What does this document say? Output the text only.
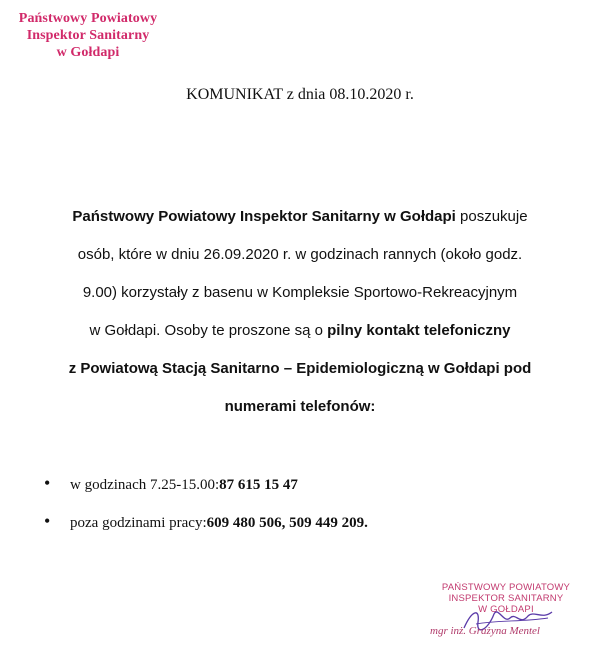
Państwowy Powiatowy
Inspektor Sanitarny
w Gołdapi
KOMUNIKAT z dnia 08.10.2020 r.
Państwowy Powiatowy Inspektor Sanitarny w Gołdapi poszukuje
osób, które w dniu 26.09.2020 r. w godzinach rannych (około godz.
9.00) korzystały z basenu w Kompleksie Sportowo-Rekreacyjnym
w Gołdapi. Osoby te proszone są o pilny kontakt telefoniczny
z Powiatową Stacją Sanitarno – Epidemiologiczną w Gołdapi pod
numerami telefonów:
•	w godzinach 7.25-15.00: 87 615 15 47
•	poza godzinami pracy: 609 480 506, 509 449 209.
PAŃSTWOWY POWIATOWY
INSPEKTOR SANITARNY
W GOŁDAPI
mgr inż. Grażyna Mentel
